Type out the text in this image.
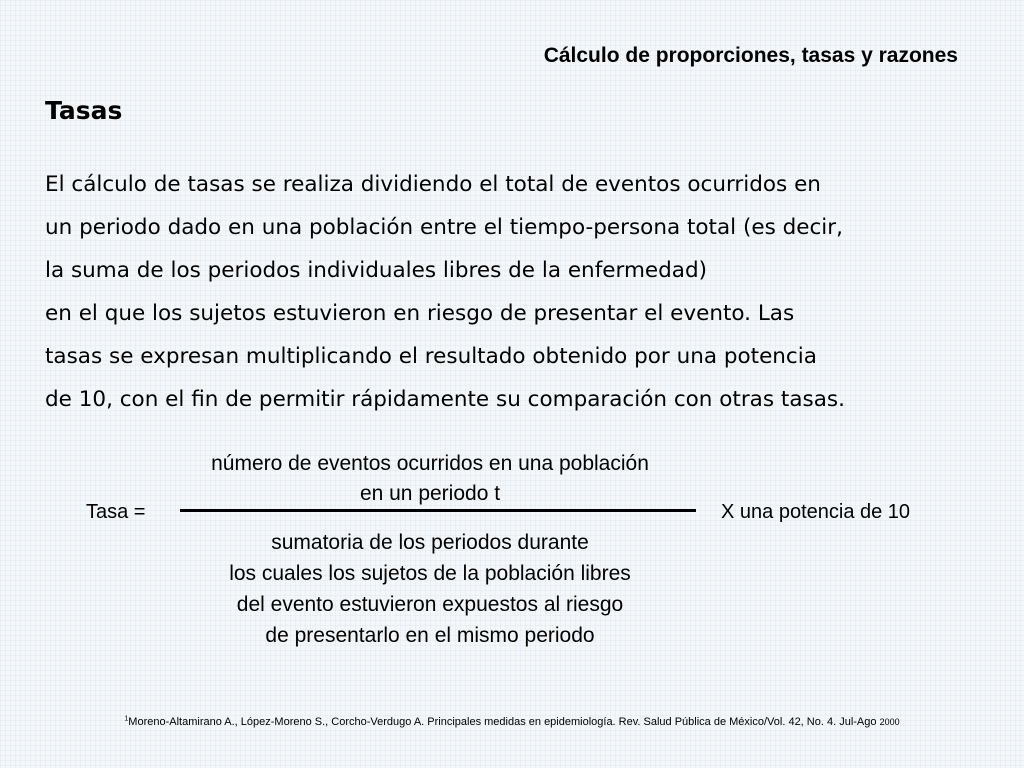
Cálculo de proporciones, tasas y razones
Tasas
El cálculo de tasas se realiza dividiendo el total de eventos ocurridos en
un periodo dado en una población entre el tiempo-persona total (es decir,
la suma de los periodos individuales libres de la enfermedad)
en el que los sujetos estuvieron en riesgo de presentar el evento. Las
tasas se expresan multiplicando el resultado obtenido por una potencia
de 10, con el fin de permitir rápidamente su comparación con otras tasas.
Tasa =
número de eventos ocurridos en una población
en un periodo t
sumatoria de los periodos durante
los cuales los sujetos de la población libres
del evento estuvieron expuestos al riesgo
de presentarlo en el mismo periodo
X una potencia de 10
$^1$Moreno-Altamirano A., López-Moreno S., Corcho-Verdugo A. Principales medidas en epidemiología. Rev. Salud Pública de México/Vol. 42, No. 4. Jul-Ago 2000
